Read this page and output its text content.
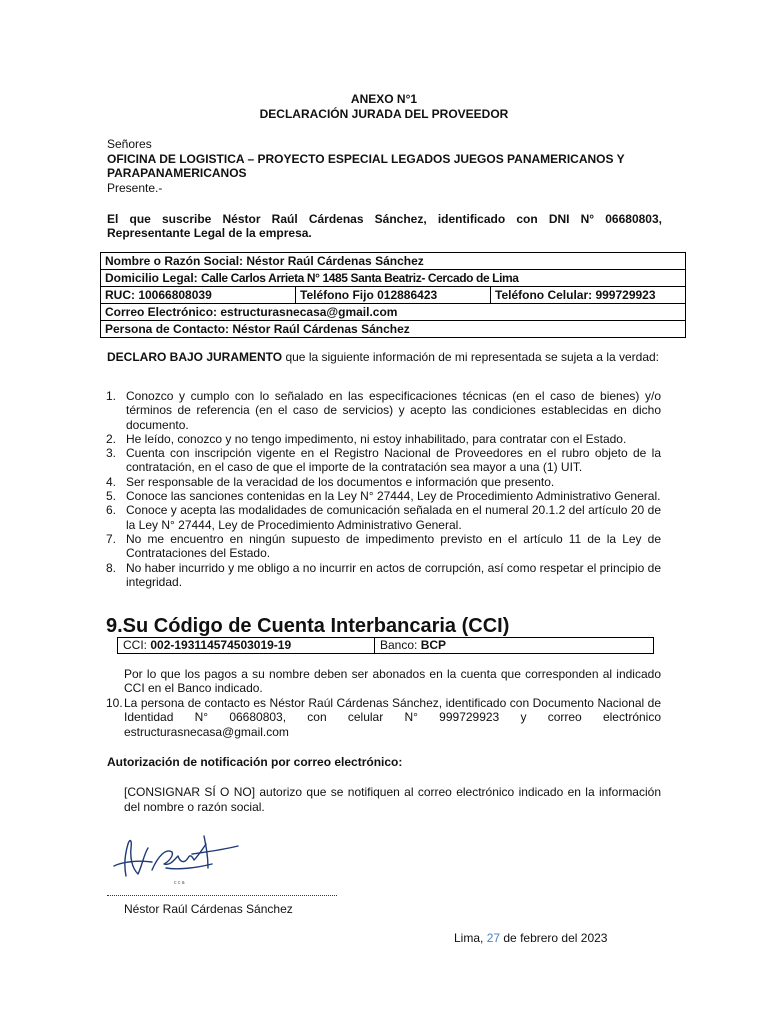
ANEXO N°1
DECLARACIÓN JURADA DEL PROVEEDOR
Señores
OFICINA DE LOGISTICA – PROYECTO ESPECIAL LEGADOS JUEGOS PANAMERICANOS Y
PARAPANAMERICANOS
Presente.-
El que suscribe Néstor Raúl Cárdenas Sánchez, identificado con DNI N° 06680803, Representante Legal de la empresa.
Nombre o Razón Social: Néstor Raúl Cárdenas Sánchez
Domicilio Legal: Calle Carlos Arrieta N° 1485 Santa Beatriz- Cercado de Lima
RUC: 10066808039	Teléfono Fijo 012886423	Teléfono Celular: 999729923
Correo Electrónico: estructurasnecasa@gmail.com
Persona de Contacto: Néstor Raúl Cárdenas Sánchez
DECLARO BAJO JURAMENTO que la siguiente información de mi representada se sujeta a la verdad:
1. Conozco y cumplo con lo señalado en las especificaciones técnicas (en el caso de bienes) y/o términos de referencia (en el caso de servicios) y acepto las condiciones establecidas en dicho documento.
2. He leído, conozco y no tengo impedimento, ni estoy inhabilitado, para contratar con el Estado.
3. Cuenta con inscripción vigente en el Registro Nacional de Proveedores en el rubro objeto de la contratación, en el caso de que el importe de la contratación sea mayor a una (1) UIT.
4. Ser responsable de la veracidad de los documentos e información que presento.
5. Conoce las sanciones contenidas en la Ley N° 27444, Ley de Procedimiento Administrativo General.
6. Conoce y acepta las modalidades de comunicación señalada en el numeral 20.1.2 del artículo 20 de la Ley N° 27444, Ley de Procedimiento Administrativo General.
7. No me encuentro en ningún supuesto de impedimento previsto en el artículo 11 de la Ley de Contrataciones del Estado.
8. No haber incurrido y me obligo a no incurrir en actos de corrupción, así como respetar el principio de integridad.
9.Su Código de Cuenta Interbancaria (CCI)
CCI: 002-193114574503019-19	Banco: BCP
Por lo que los pagos a su nombre deben ser abonados en la cuenta que corresponden al indicado CCI en el Banco indicado.
10. La persona de contacto es Néstor Raúl Cárdenas Sánchez, identificado con Documento Nacional de Identidad N° 06680803, con celular N° 999729923 y correo electrónico estructurasnecasa@gmail.com
Autorización de notificación por correo electrónico:
[CONSIGNAR SÍ O NO] autorizo que se notifiquen al correo electrónico indicado en la información del nombre o razón social.
c c a
Néstor Raúl Cárdenas Sánchez
Lima, 27 de febrero del 2023
